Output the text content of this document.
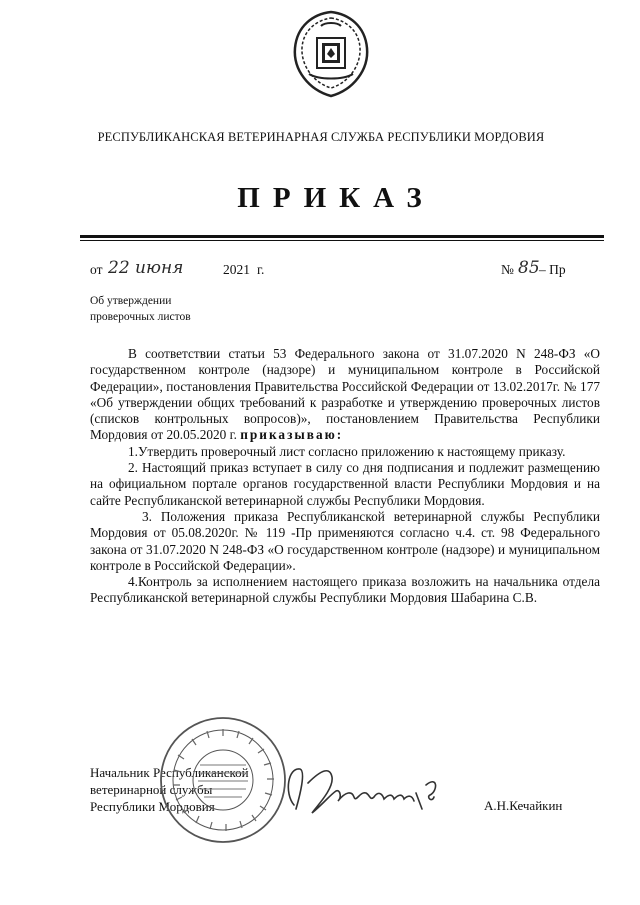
РЕСПУБЛИКАНСКАЯ ВЕТЕРИНАРНАЯ СЛУЖБА РЕСПУБЛИКИ МОРДОВИЯ
ПРИКАЗ
от 22 июня	2021 г.	№ 85 – Пр
Об утверждении
проверочных листов

В соответствии статьи 53 Федерального закона от 31.07.2020 N 248-ФЗ «О государственном контроле (надзоре) и муниципальном контроле в Российской Федерации», постановления Правительства Российской Федерации от 13.02.2017г. № 177 «Об утверждении общих требований к разработке и утверждению проверочных листов (списков контрольных вопросов)», постановлением Правительства Республики Мордовия от 20.05.2020 г. приказываю:

1.Утвердить проверочный лист согласно приложению к настоящему приказу.

2. Настоящий приказ вступает в силу со дня подписания и подлежит размещению на официальном портале органов государственной власти Республики Мордовия и на сайте Республиканской ветеринарной службы Республики Мордовия.

3. Положения приказа Республиканской ветеринарной службы Республики Мордовия от 05.08.2020г. № 119 -Пр применяются согласно ч.4. ст. 98 Федерального закона от 31.07.2020 N 248-ФЗ «О государственном контроле (надзоре) и муниципальном контроле в Российской Федерации».

4.Контроль за исполнением настоящего приказа возложить на начальника отдела Республиканской ветеринарной службы Республики Мордовия Шабарина С.В.

Начальник Республиканской
ветеринарной службы
Республики Мордовия	А.Н.Кечайкин
